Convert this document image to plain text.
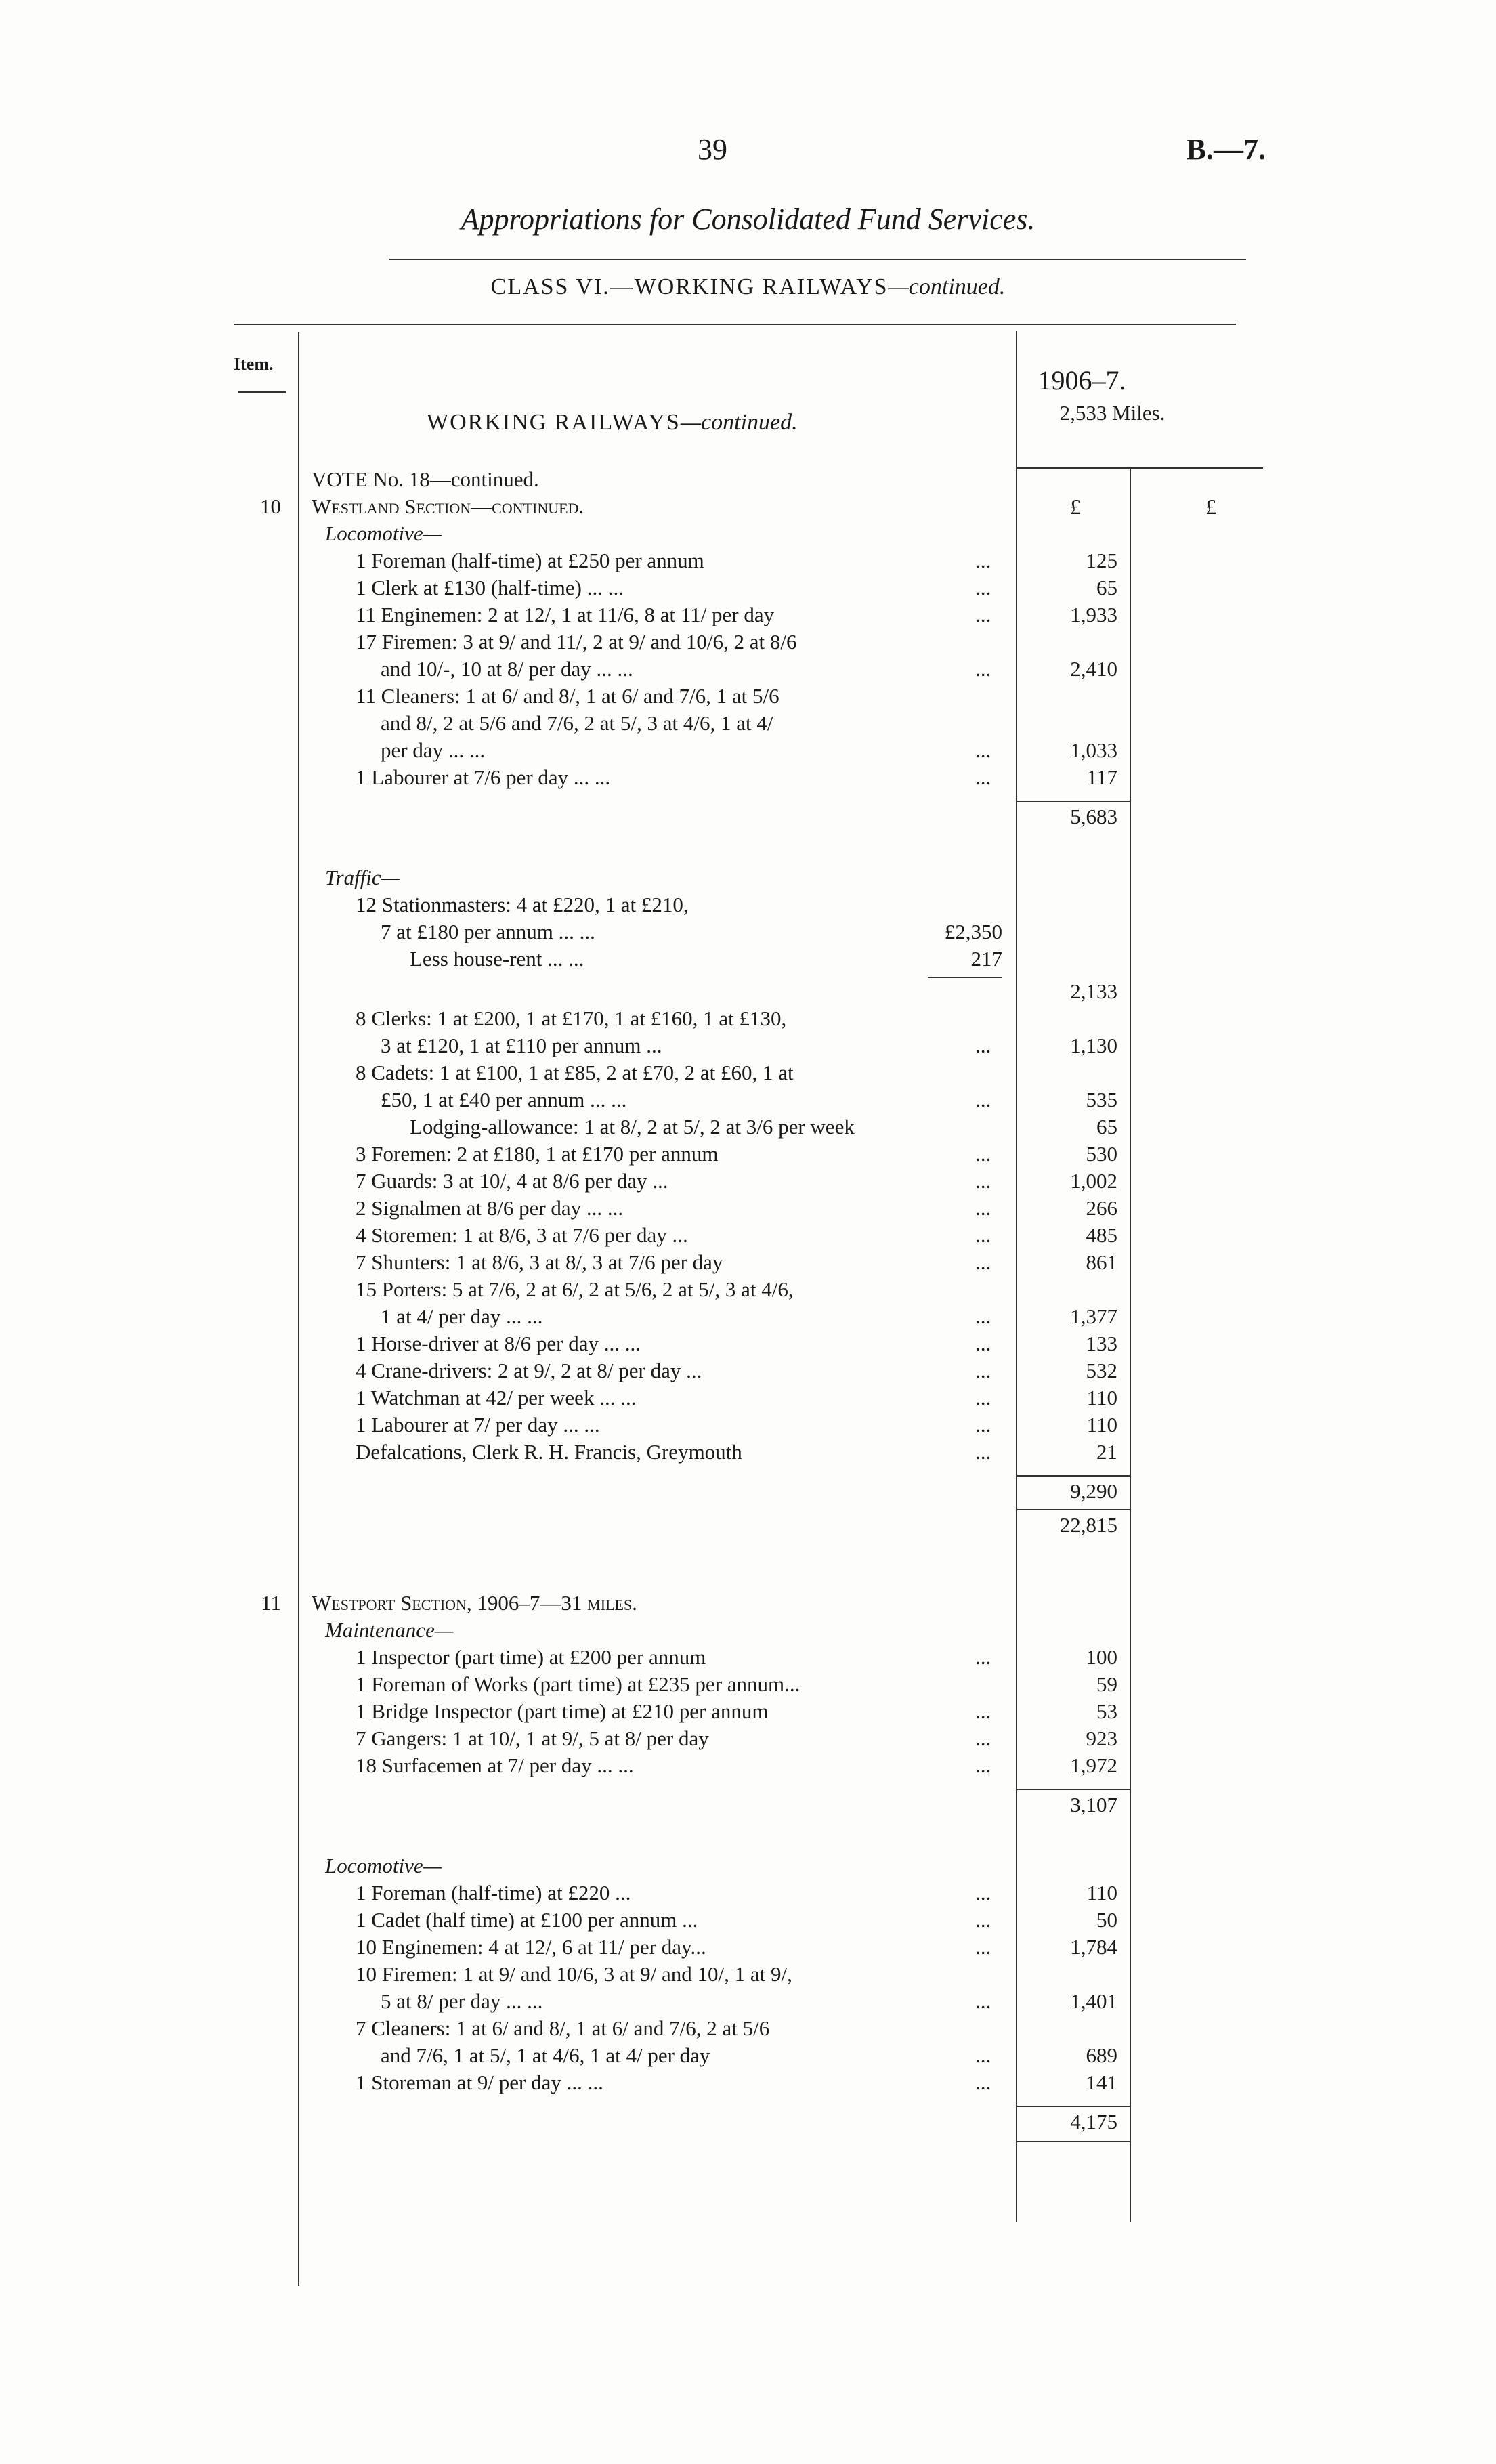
39	B.—7.
Appropriations for Consolidated Fund Services.
CLASS VI.—WORKING RAILWAYS—continued.
Item.
WORKING RAILWAYS—continued.
1906–7.
2,533 Miles.
£	£
VOTE No. 18—continued.
10 Westland Section—continued.
Locomotive—
1 Foreman (half-time) at £250 per annum	...	125
1 Clerk at £130 (half-time) ... ...	...	65
11 Enginemen: 2 at 12/, 1 at 11/6, 8 at 11/ per day	...	1,933
17 Firemen: 3 at 9/ and 11/, 2 at 9/ and 10/6, 2 at 8/6
and 10/-, 10 at 8/ per day ... ...	...	2,410
11 Cleaners: 1 at 6/ and 8/, 1 at 6/ and 7/6, 1 at 5/6
and 8/, 2 at 5/6 and 7/6, 2 at 5/, 3 at 4/6, 1 at 4/
per day ... ...	...	1,033
1 Labourer at 7/6 per day ... ...	...	117
5,683
Traffic—
12 Stationmasters: 4 at £220, 1 at £210,
7 at £180 per annum ... ...	£2,350
Less house-rent ... ...	217
2,133
8 Clerks: 1 at £200, 1 at £170, 1 at £160, 1 at £130,
3 at £120, 1 at £110 per annum ...	...	1,130
8 Cadets: 1 at £100, 1 at £85, 2 at £70, 2 at £60, 1 at
£50, 1 at £40 per annum ... ...	...	535
Lodging-allowance: 1 at 8/, 2 at 5/, 2 at 3/6 per week	65
3 Foremen: 2 at £180, 1 at £170 per annum	...	530
7 Guards: 3 at 10/, 4 at 8/6 per day ...	...	1,002
2 Signalmen at 8/6 per day ... ...	...	266
4 Storemen: 1 at 8/6, 3 at 7/6 per day ...	...	485
7 Shunters: 1 at 8/6, 3 at 8/, 3 at 7/6 per day	...	861
15 Porters: 5 at 7/6, 2 at 6/, 2 at 5/6, 2 at 5/, 3 at 4/6,
1 at 4/ per day ... ...	...	1,377
1 Horse-driver at 8/6 per day ... ...	...	133
4 Crane-drivers: 2 at 9/, 2 at 8/ per day ...	...	532
1 Watchman at 42/ per week ... ...	...	110
1 Labourer at 7/ per day ... ...	...	110
Defalcations, Clerk R. H. Francis, Greymouth	...	21
9,290
22,815
11 Westport Section, 1906–7—31 miles.
Maintenance—
1 Inspector (part time) at £200 per annum	...	100
1 Foreman of Works (part time) at £235 per annum...	59
1 Bridge Inspector (part time) at £210 per annum	...	53
7 Gangers: 1 at 10/, 1 at 9/, 5 at 8/ per day	...	923
18 Surfacemen at 7/ per day ... ...	...	1,972
3,107
Locomotive—
1 Foreman (half-time) at £220 ...	...	110
1 Cadet (half time) at £100 per annum ...	...	50
10 Enginemen: 4 at 12/, 6 at 11/ per day...	...	1,784
10 Firemen: 1 at 9/ and 10/6, 3 at 9/ and 10/, 1 at 9/,
5 at 8/ per day ... ...	...	1,401
7 Cleaners: 1 at 6/ and 8/, 1 at 6/ and 7/6, 2 at 5/6
and 7/6, 1 at 5/, 1 at 4/6, 1 at 4/ per day	...	689
1 Storeman at 9/ per day ... ...	...	141
4,175
